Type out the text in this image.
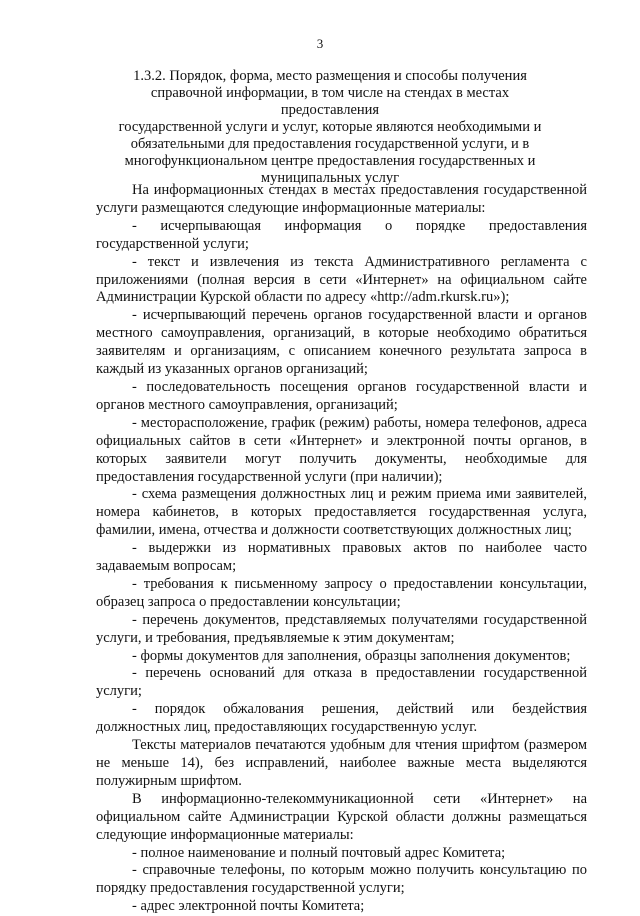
3
1.3.2. Порядок, форма, место размещения и способы получения
справочной информации, в том числе на стендах в местах предоставления
государственной услуги и услуг, которые являются необходимыми и
обязательными для предоставления государственной услуги, и в
многофункциональном центре предоставления государственных и
муниципальных услуг

На информационных стендах в местах предоставления государственной услуги размещаются следующие информационные материалы:

- исчерпывающая информация о порядке предоставления государственной услуги;

- текст и извлечения из текста Административного регламента с приложениями (полная версия в сети «Интернет» на официальном сайте Администрации Курской области по адресу «http://adm.rkursk.ru»);

- исчерпывающий перечень органов государственной власти и органов местного самоуправления, организаций, в которые необходимо обратиться заявителям и организациям, с описанием конечного результата запроса в каждый из указанных органов организаций;

- последовательность посещения органов государственной власти и органов местного самоуправления, организаций;

- месторасположение, график (режим) работы, номера телефонов, адреса официальных сайтов в сети «Интернет» и электронной почты органов, в которых заявители могут получить документы, необходимые для предоставления государственной услуги (при наличии);

- схема размещения должностных лиц и режим приема ими заявителей, номера кабинетов, в которых предоставляется государственная услуга, фамилии, имена, отчества и должности соответствующих должностных лиц;

- выдержки из нормативных правовых актов по наиболее часто задаваемым вопросам;

- требования к письменному запросу о предоставлении консультации, образец запроса о предоставлении консультации;

- перечень документов, представляемых получателями государственной услуги, и требования, предъявляемые к этим документам;

- формы документов для заполнения, образцы заполнения документов;

- перечень оснований для отказа в предоставлении государственной услуги;

- порядок обжалования решения, действий или бездействия должностных лиц, предоставляющих государственную услуг.

Тексты материалов печатаются удобным для чтения шрифтом (размером не меньше 14), без исправлений, наиболее важные места выделяются полужирным шрифтом.

В информационно-телекоммуникационной сети «Интернет» на официальном сайте Администрации Курской области должны размещаться следующие информационные материалы:

- полное наименование и полный почтовый адрес Комитета;

- справочные телефоны, по которым можно получить консультацию по порядку предоставления государственной услуги;

- адрес электронной почты Комитета;
